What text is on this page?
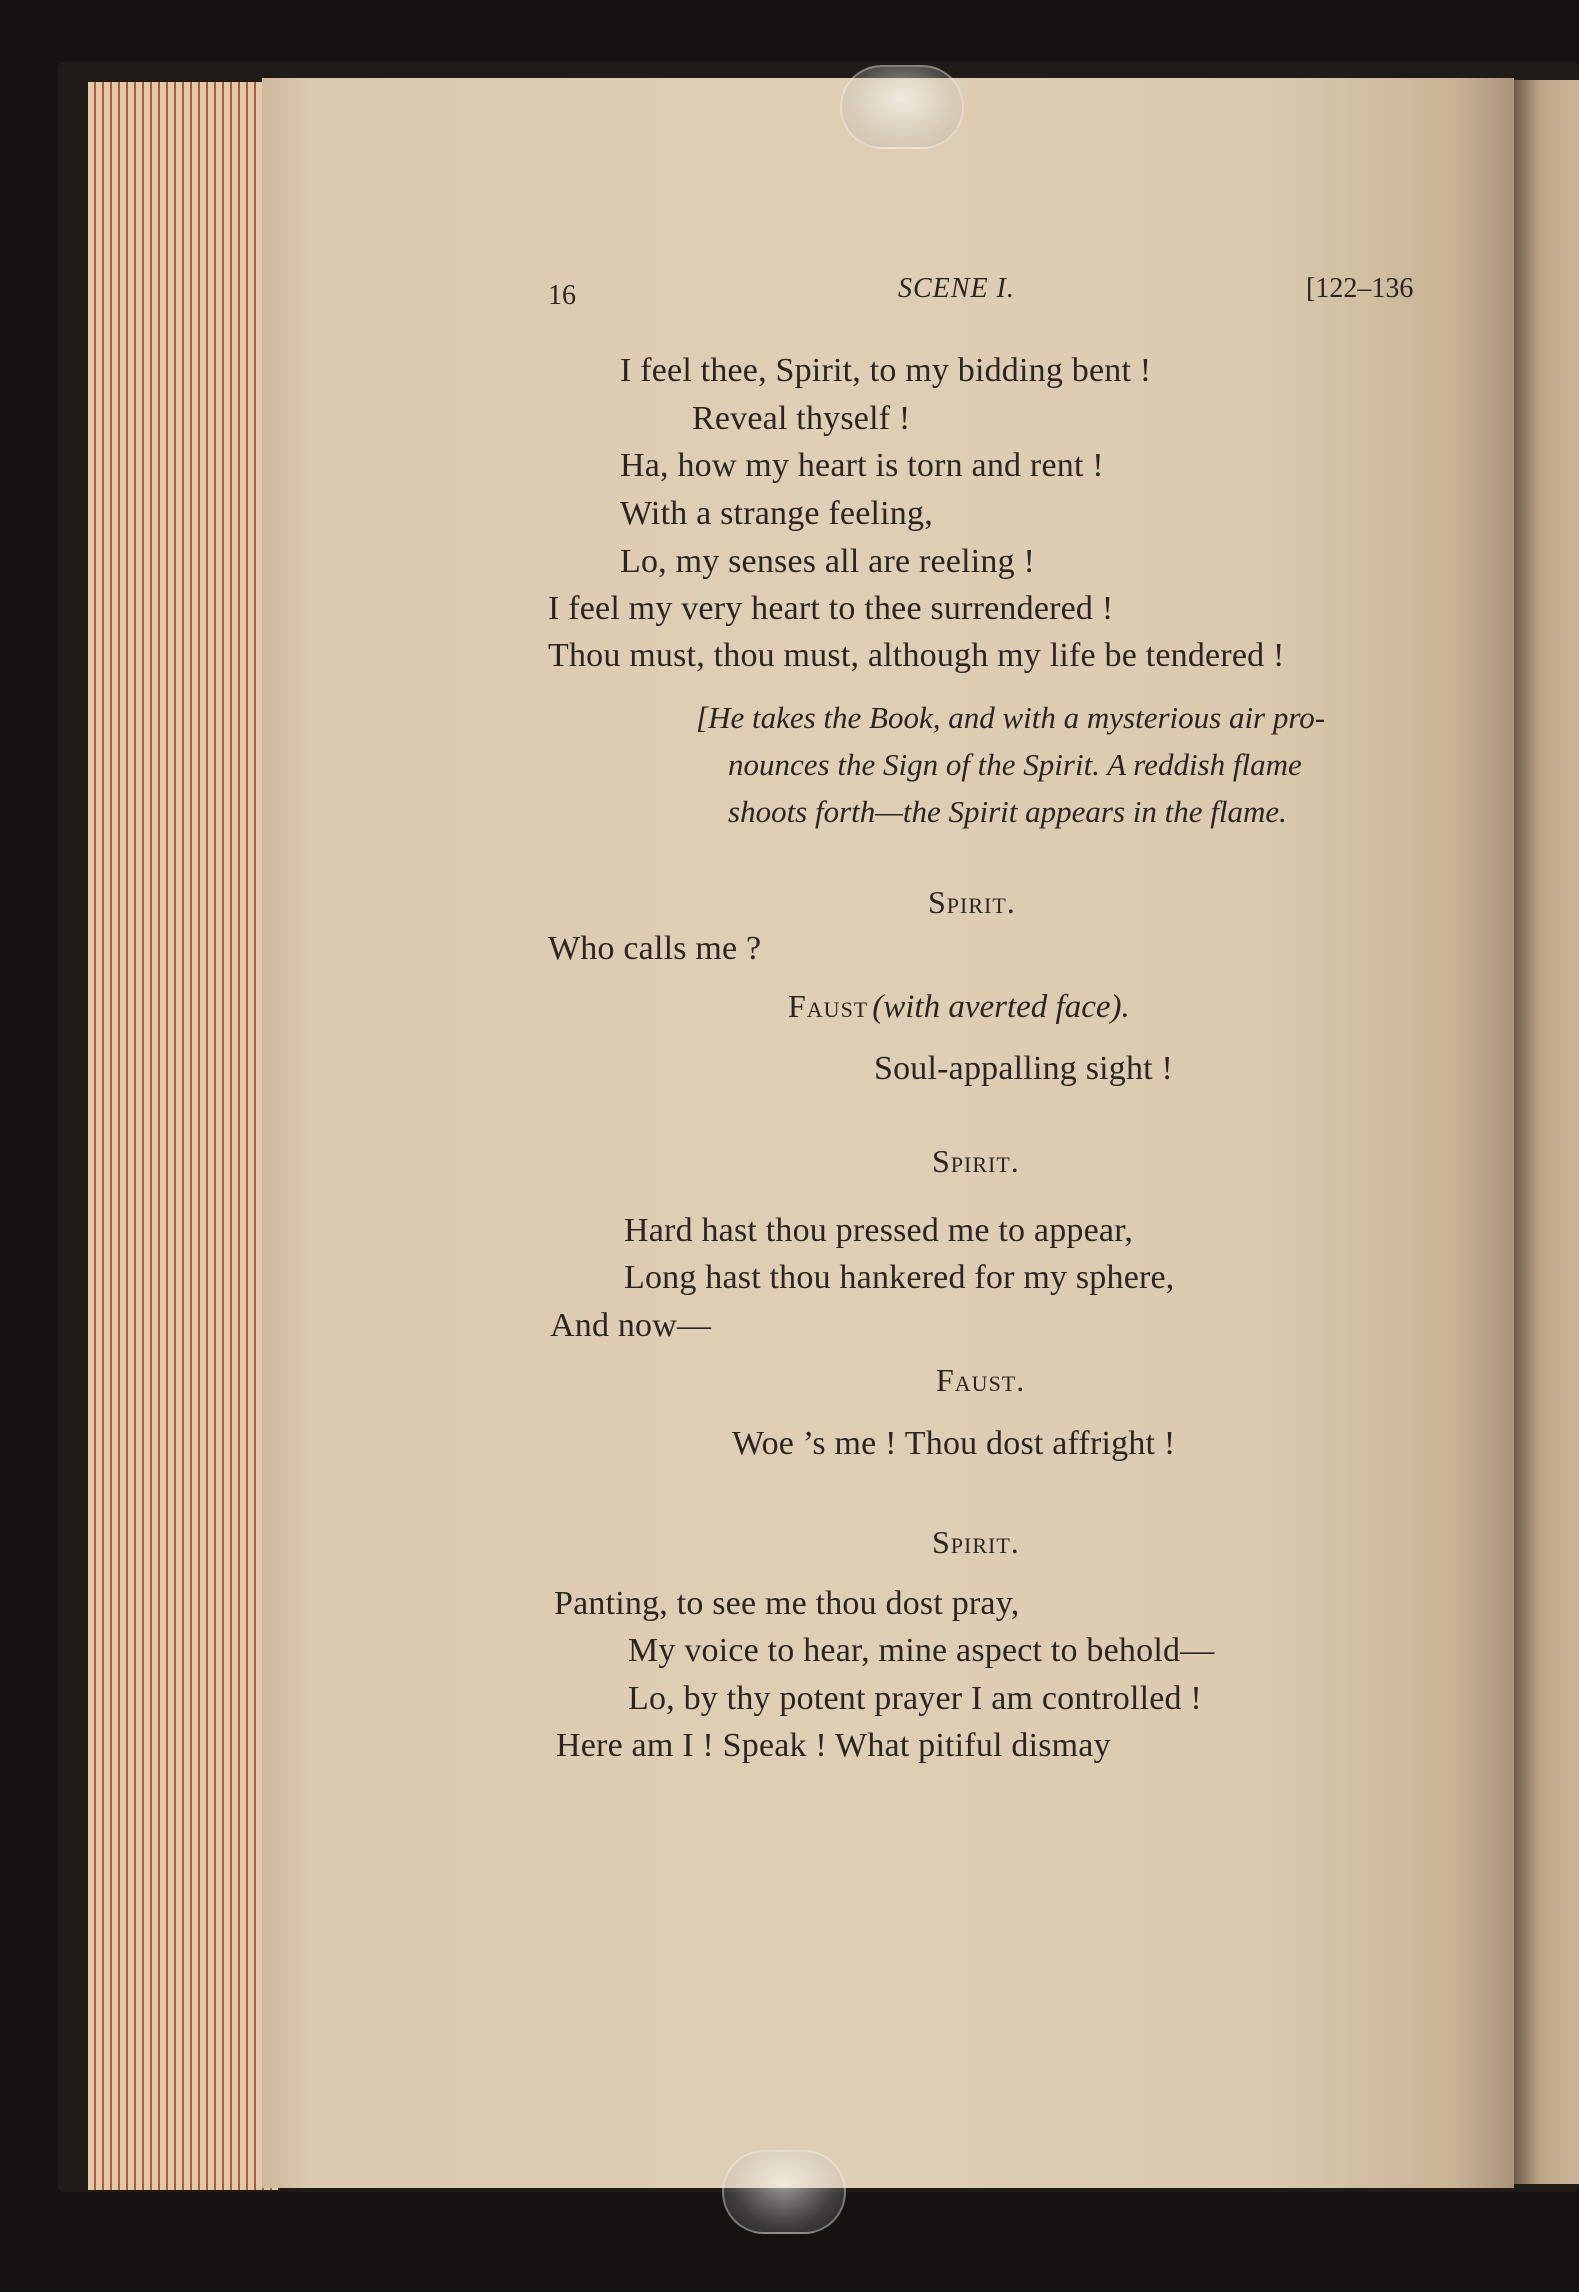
16	SCENE I.	[122–136
I feel thee, Spirit, to my bidding bent !
Reveal thyself !
Ha, how my heart is torn and rent !
With a strange feeling,
Lo, my senses all are reeling !
I feel my very heart to thee surrendered !
Thou must, thou must, although my life be tendered !
[He takes the Book, and with a mysterious air pro-
nounces the Sign of the Spirit. A reddish flame
shoots forth—the Spirit appears in the flame.
Spirit.
Who calls me ?
Faust (with averted face).
Soul-appalling sight !
Spirit.
Hard hast thou pressed me to appear,
Long hast thou hankered for my sphere,
And now—
Faust.
Woe ’s me ! Thou dost affright !
Spirit.
Panting, to see me thou dost pray,
My voice to hear, mine aspect to behold—
Lo, by thy potent prayer I am controlled !
Here am I ! Speak ! What pitiful dismay
